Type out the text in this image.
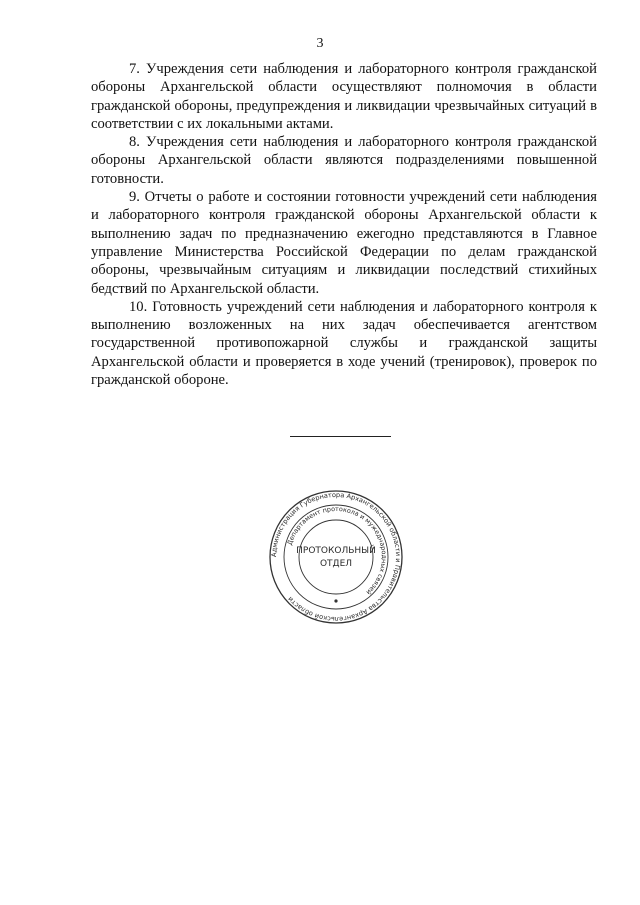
3

7. Учреждения сети наблюдения и лабораторного контроля гражданской обороны Архангельской области осуществляют полномочия в области гражданской обороны, предупреждения и ликвидации чрезвычайных ситуаций в соответствии с их локальными актами.

8. Учреждения сети наблюдения и лабораторного контроля гражданской обороны Архангельской области являются подразделениями повышенной готовности.

9. Отчеты о работе и состоянии готовности учреждений сети наблюдения и лабораторного контроля гражданской обороны Архангельской области к выполнению задач по предназначению ежегодно представляются в Главное управление Министерства Российской Федерации по делам гражданской обороны, чрезвычайным ситуациям и ликвидации последствий стихийных бедствий по Архангельской области.

10. Готовность учреждений сети наблюдения и лабораторного контроля к выполнению возложенных на них задач обеспечивается агентством государственной противопожарной службы и гражданской защиты Архангельской области и проверяется в ходе учений (тренировок), проверок по гражданской обороне.

Администрация Губернатора Архангельской области и Правительства Архангельской области
Департамент протокола и мужеднародных связей
ПРОТОКОЛЬНЫЙ
ОТДЕЛ
